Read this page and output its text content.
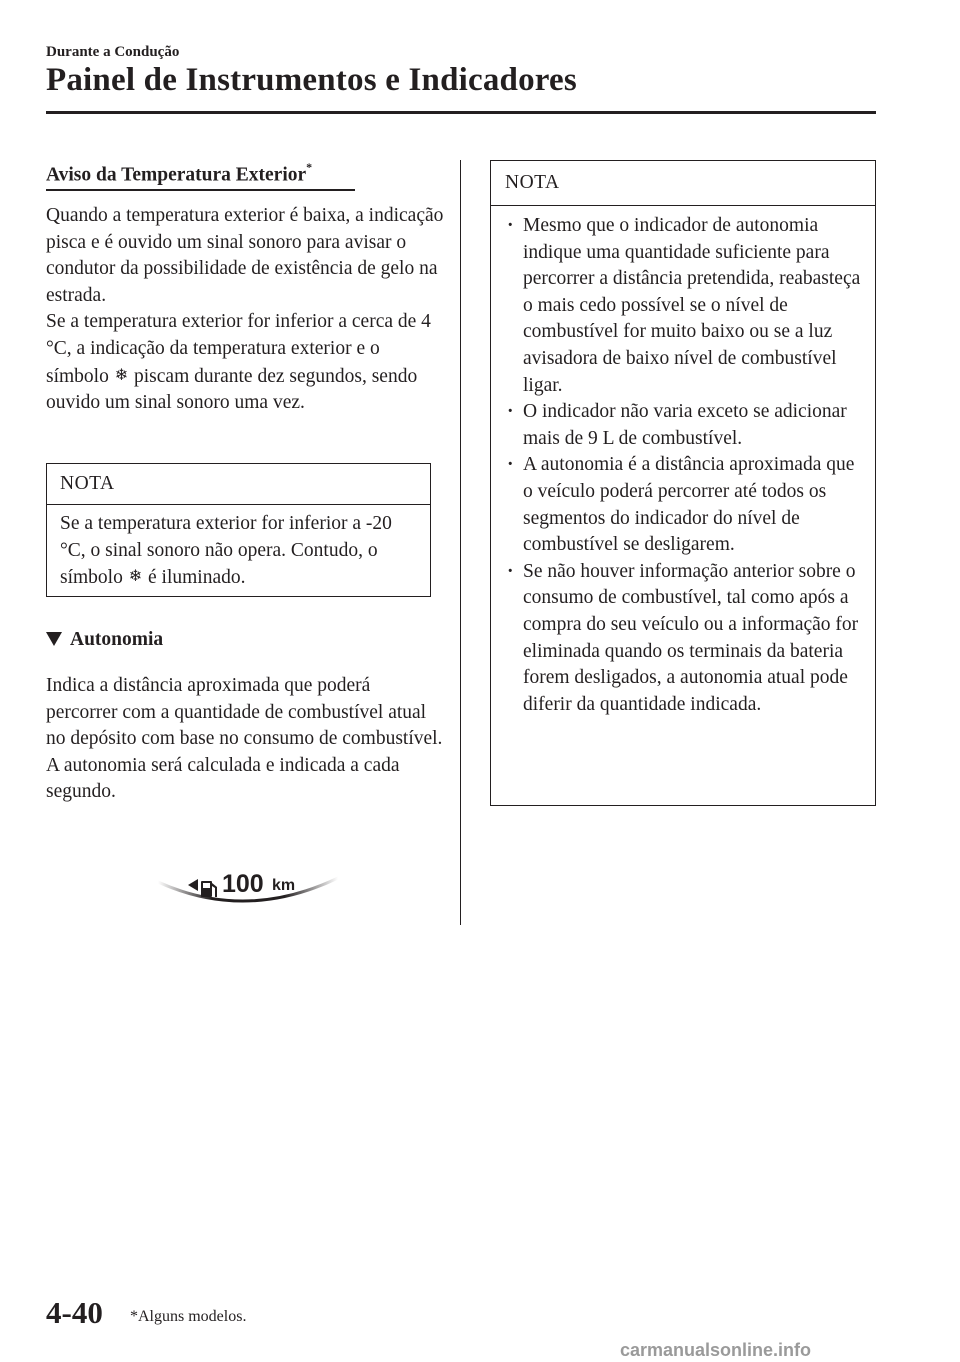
Durante a Condução
Painel de Instrumentos e Indicadores
Aviso da Temperatura Exterior*
Quando a temperatura exterior é baixa, a indicação pisca e é ouvido um sinal sonoro para avisar o condutor da possibilidade de existência de gelo na estrada.
Se a temperatura exterior for inferior a cerca de 4 °C, a indicação da temperatura exterior e o símbolo ❄ piscam durante dez segundos, sendo ouvido um sinal sonoro uma vez.
NOTA
Se a temperatura exterior for inferior a -20 °C, o sinal sonoro não opera. Contudo, o símbolo ❄ é iluminado.
Autonomia
Indica a distância aproximada que poderá percorrer com a quantidade de combustível atual no depósito com base no consumo de combustível.
A autonomia será calculada e indicada a cada segundo.
100 km
NOTA
· Mesmo que o indicador de autonomia indique uma quantidade suficiente para percorrer a distância pretendida, reabasteça o mais cedo possível se o nível de combustível for muito baixo ou se a luz avisadora de baixo nível de combustível ligar.
· O indicador não varia exceto se adicionar mais de 9 L de combustível.
· A autonomia é a distância aproximada que o veículo poderá percorrer até todos os segmentos do indicador do nível de combustível se desligarem.
· Se não houver informação anterior sobre o consumo de combustível, tal como após a compra do seu veículo ou a informação for eliminada quando os terminais da bateria forem desligados, a autonomia atual pode diferir da quantidade indicada.
4-40 *Alguns modelos.
carmanualsonline.info
